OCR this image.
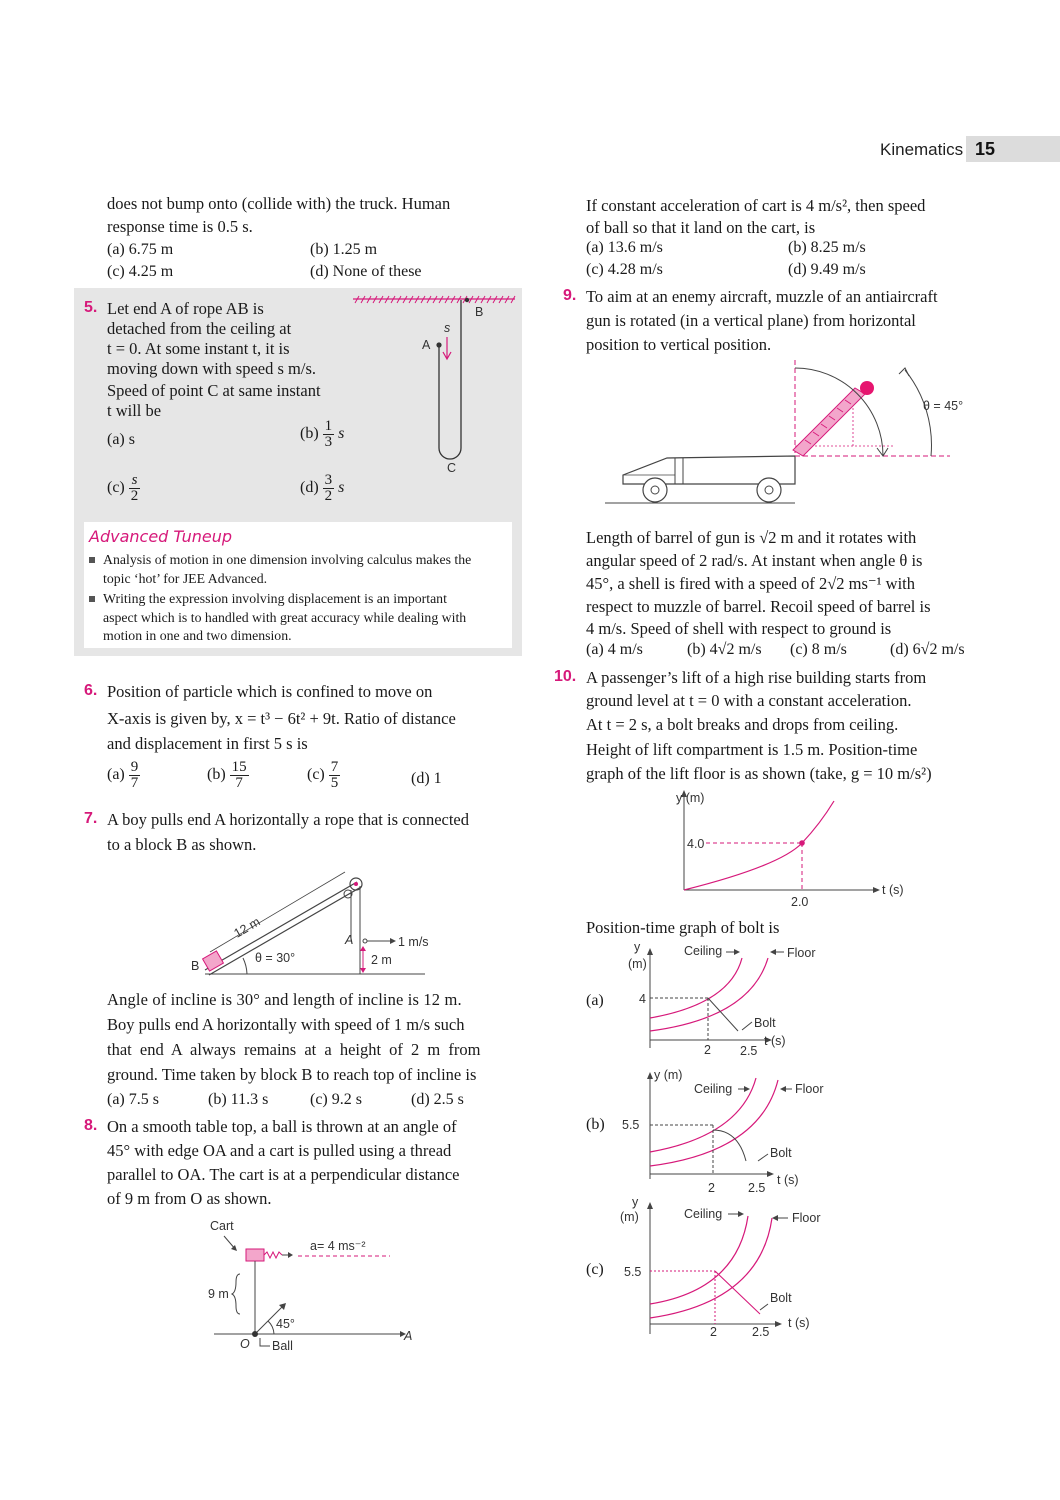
Kinematics 15

does not bump onto (collide with) the truck. Human

response time is 0.5 s.

(a) 6.75 m	(b) 1.25 m
(c) 4.25 m	(d) None of these
5. Let end A of rope AB is

detached from the ceiling at

t = 0. At some instant t, it is

moving down with speed s m/s.

Speed of point C at same instant

t will be

(a) s	$(b) \frac{1}{3}$ s
$(c) \frac{s}{2}$	$(d) \frac{3}{2}$ s
B
A
s
C
Advanced Tuneup
Analysis of motion in one dimension involving calculus makes the
topic ‘hot’ for JEE Advanced.
Writing the expression involving displacement is an important
aspect which is to handled with great accuracy while dealing with
motion in one and two dimension.
6. Position of particle which is confined to move on

X-axis is given by, x = t³ − 6t² + 9t. Ratio of distance

and displacement in first 5 s is

$(a) \frac{9}{7}$	$(b) \frac{15}{7}$	$(c) \frac{7}{5}$	(d) 1
7. A boy pulls end A horizontally a rope that is connected

to a block B as shown.

B
12 m
θ = 30°
A	1 m/s
2 m

Angle of incline is 30° and length of incline is 12 m.

Boy pulls end A horizontally with speed of 1 m/s such

that end A always remains at a height of 2 m from

ground. Time taken by block B to reach top of incline is

(a) 7.5 s	(b) 11.3 s	(c) 9.2 s	(d) 2.5 s
8. On a smooth table top, a ball is thrown at an angle of

45° with edge OA and a cart is pulled using a thread

parallel to OA. The cart is at a perpendicular distance

of 9 m from O as shown.

Cart
a= 4 ms⁻²
9 m
A
45°
O Ball

If constant acceleration of cart is 4 m/s², then speed

of ball so that it land on the cart, is

(a) 13.6 m/s	(b) 8.25 m/s
(c) 4.28 m/s	(d) 9.49 m/s
9. To aim at an enemy aircraft, muzzle of an antiaircraft

gun is rotated (in a vertical plane) from horizontal

position to vertical position.

θ = 45°

Length of barrel of gun is √2 m and it rotates with

angular speed of 2 rad/s. At instant when angle θ is

45°, a shell is fired with a speed of 2√2 ms⁻¹ with

respect to muzzle of barrel. Recoil speed of barrel is

4 m/s. Speed of shell with respect to ground is

(a) 4 m/s	(b) 4√2 m/s (c) 8 m/s	(d) 6√2 m/s
10. A passenger’s lift of a high rise building starts from

ground level at t = 0 with a constant acceleration.

At t = 2 s, a bolt breaks and drops from ceiling.

Height of lift compartment is 1.5 m. Position-time

graph of the lift floor is as shown (take, g = 10 m/s²)

y (m)
t (s)
4.0
2.0

Position-time graph of bolt is

(a)
y
(m)
Ceiling	Floor
4
Bolt
t (s)
2 2.5
(b)
y (m)
Ceiling	Floor
5.5
Bolt
t (s)
2	2.5
(c)
y
(m)	Ceiling	Floor
5.5
Bolt
t (s)
2	2.5
